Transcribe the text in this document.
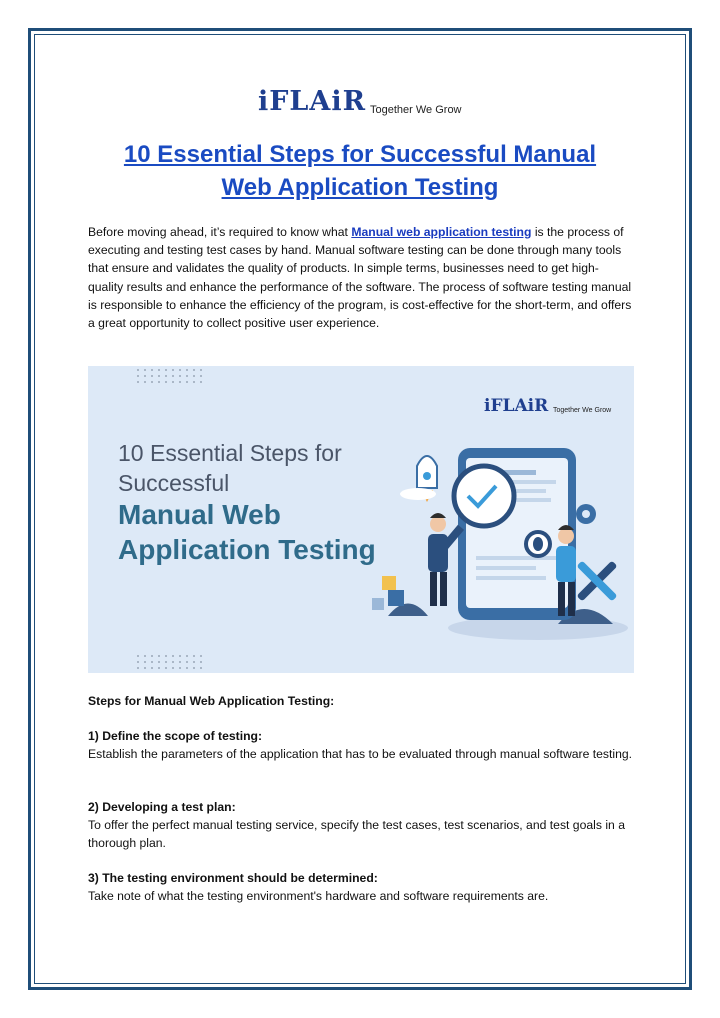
iFLAiR Together We Grow
10 Essential Steps for Successful Manual
Web Application Testing
Before moving ahead, it’s required to know what Manual web application testing is the process of executing and testing test cases by hand. Manual software testing can be done through many tools that ensure and validates the quality of products. In simple terms, businesses need to get high-quality results and enhance the performance of the software. The process of software testing manual is responsible to enhance the efficiency of the program, is cost-effective for the short-term, and offers a great opportunity to collect positive user experience.
iFLAiR Together We Grow
10 Essential Steps for Successful
Manual Web Application Testing
Steps for Manual Web Application Testing:
1) Define the scope of testing:
Establish the parameters of the application that has to be evaluated through manual software testing.
2) Developing a test plan:
To offer the perfect manual testing service, specify the test cases, test scenarios, and test goals in a thorough plan.
3) The testing environment should be determined:
Take note of what the testing environment's hardware and software requirements are.
